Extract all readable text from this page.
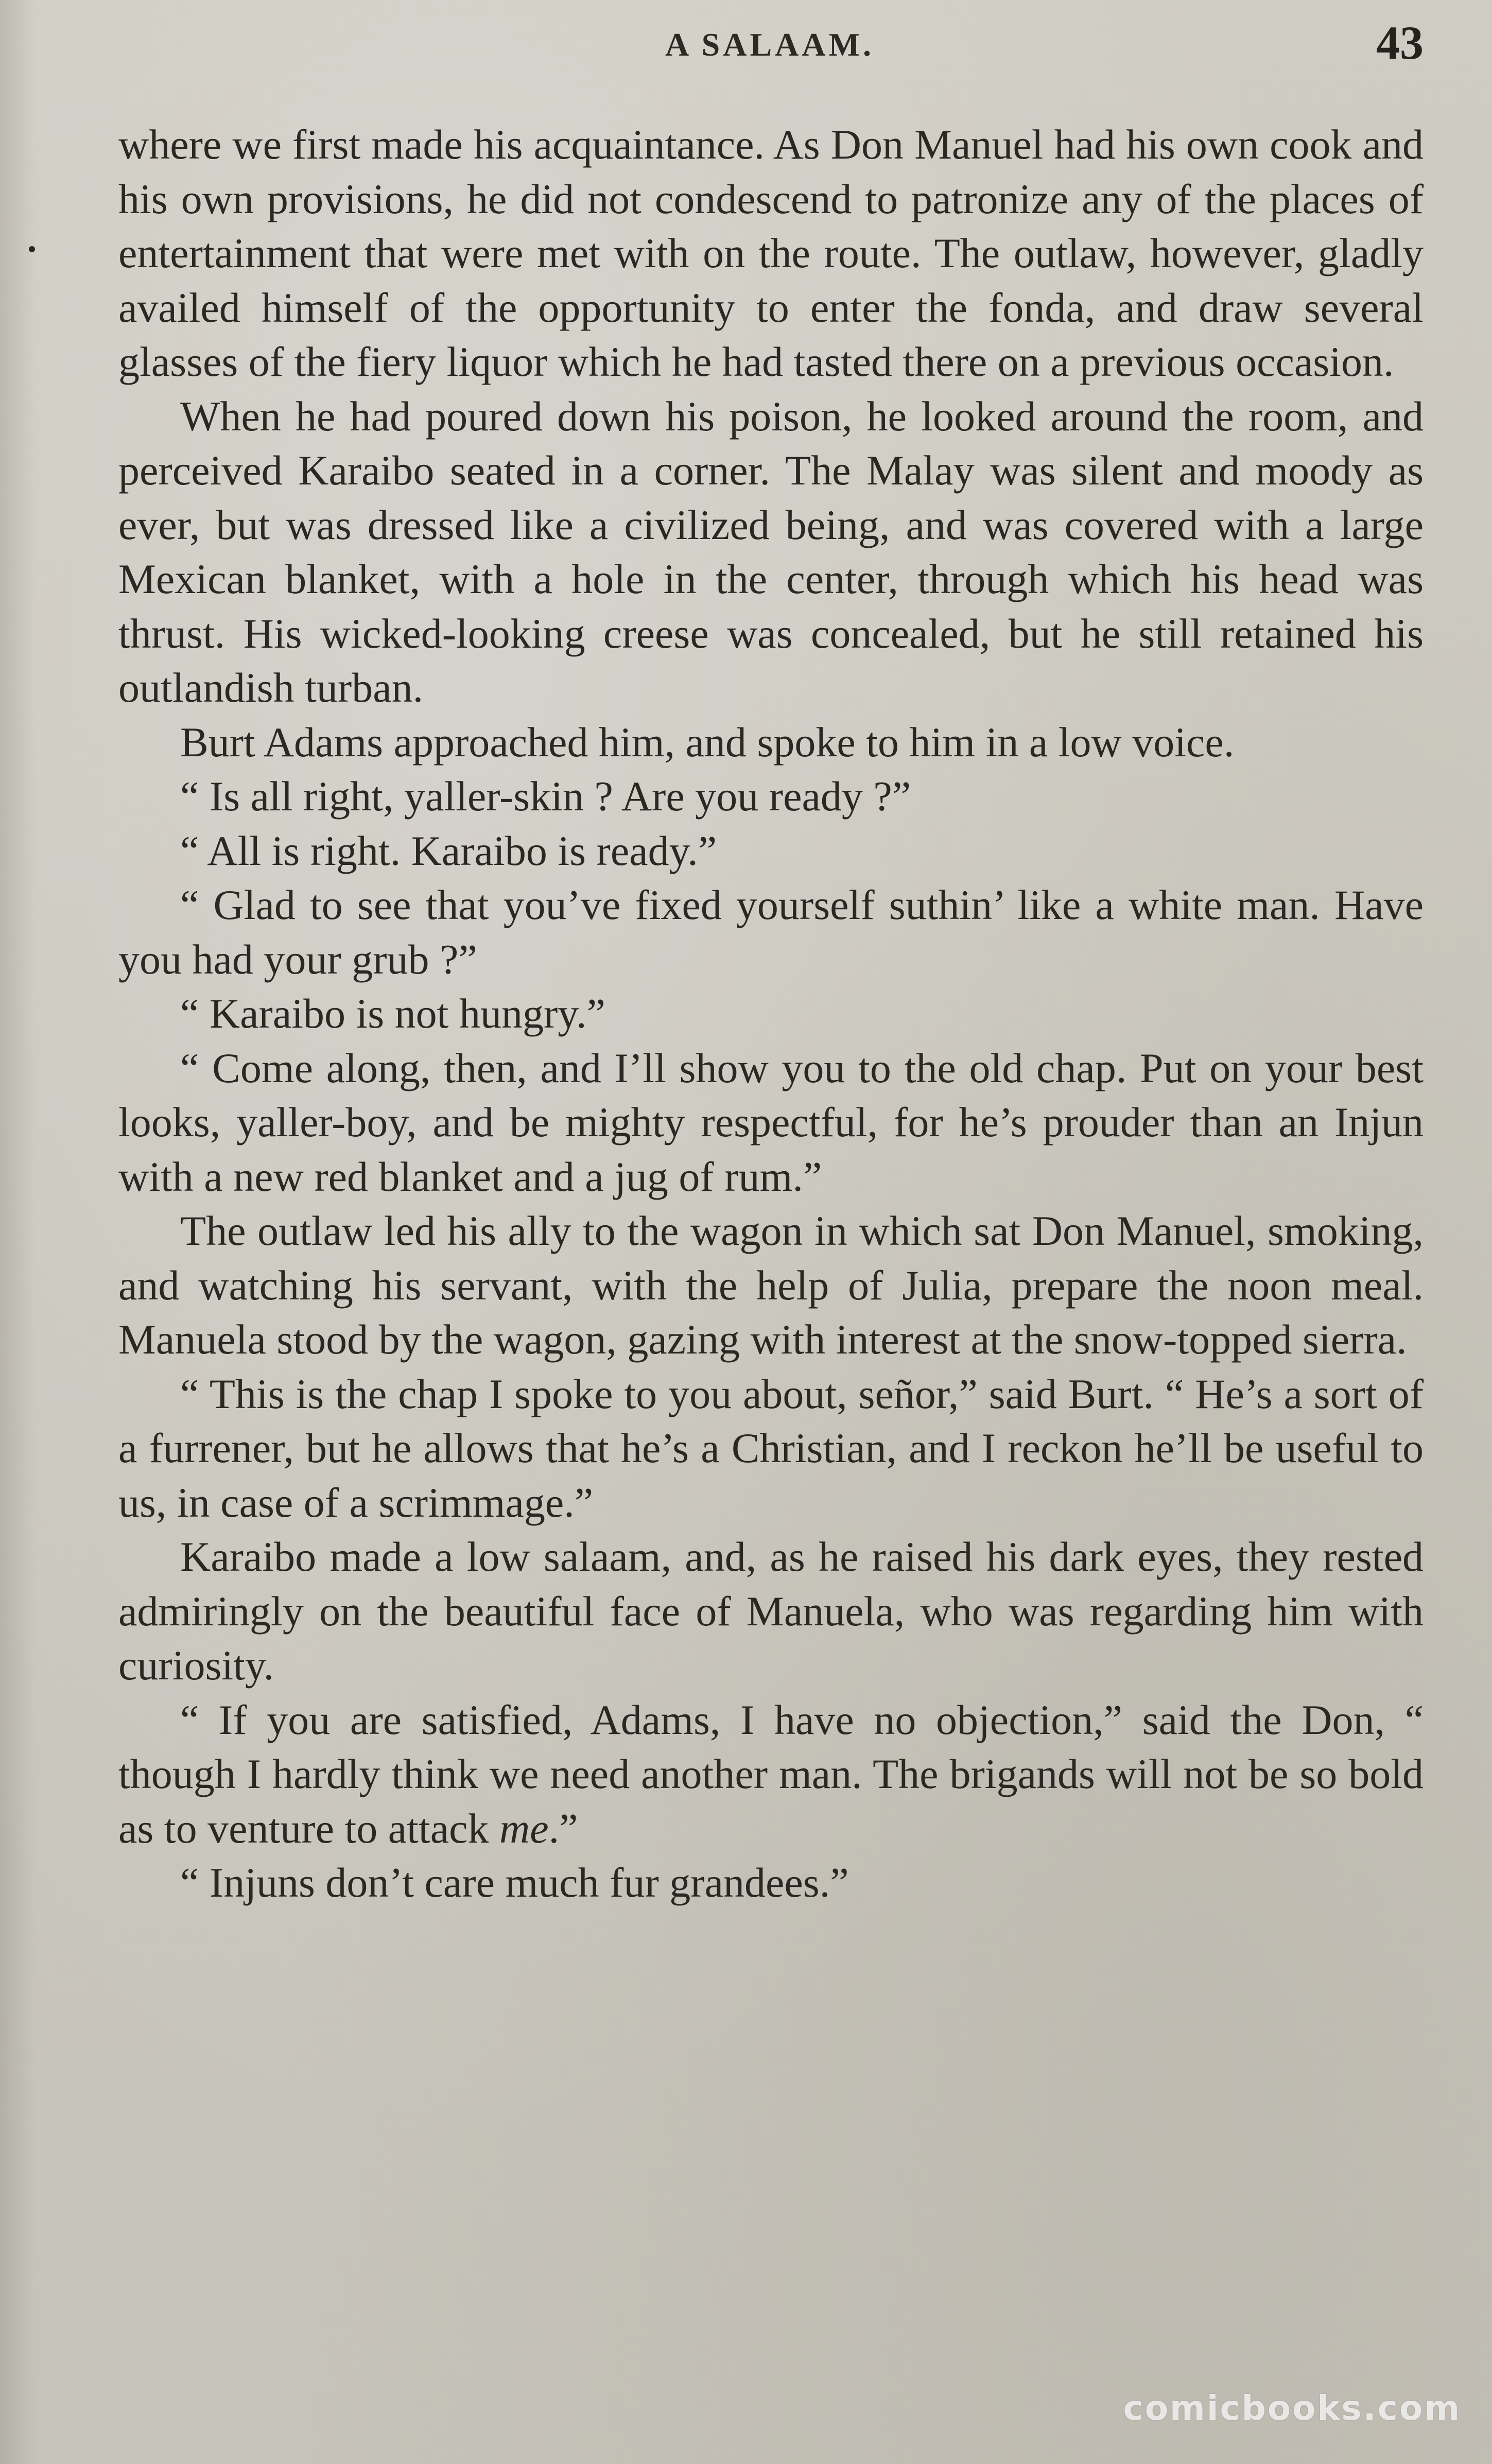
A SALAAM.	43

where we first made his acquaintance. As Don Manuel had his own cook and his own provisions, he did not condescend to patronize any of the places of entertainment that were met with on the route. The outlaw, however, gladly availed himself of the opportunity to enter the fonda, and draw several glasses of the fiery liquor which he had tasted there on a previous occasion.

When he had poured down his poison, he looked around the room, and perceived Karaibo seated in a corner. The Malay was silent and moody as ever, but was dressed like a civilized being, and was covered with a large Mexican blanket, with a hole in the center, through which his head was thrust. His wicked-looking creese was concealed, but he still retained his outlandish turban.

Burt Adams approached him, and spoke to him in a low voice.

“ Is all right, yaller-skin ? Are you ready ?”

“ All is right. Karaibo is ready.”

“ Glad to see that you’ve fixed yourself suthin’ like a white man. Have you had your grub ?”

“ Karaibo is not hungry.”

“ Come along, then, and I’ll show you to the old chap. Put on your best looks, yaller-boy, and be mighty respectful, for he’s prouder than an Injun with a new red blanket and a jug of rum.”

The outlaw led his ally to the wagon in which sat Don Manuel, smoking, and watching his servant, with the help of Julia, prepare the noon meal. Manuela stood by the wagon, gazing with interest at the snow-topped sierra.

“ This is the chap I spoke to you about, señor,” said Burt. “ He’s a sort of a furrener, but he allows that he’s a Christian, and I reckon he’ll be useful to us, in case of a scrimmage.”

Karaibo made a low salaam, and, as he raised his dark eyes, they rested admiringly on the beautiful face of Manuela, who was regarding him with curiosity.

“ If you are satisfied, Adams, I have no objection,” said the Don, “ though I hardly think we need another man. The brigands will not be so bold as to venture to attack me.”

“ Injuns don’t care much fur grandees.”

comicbooks.com
